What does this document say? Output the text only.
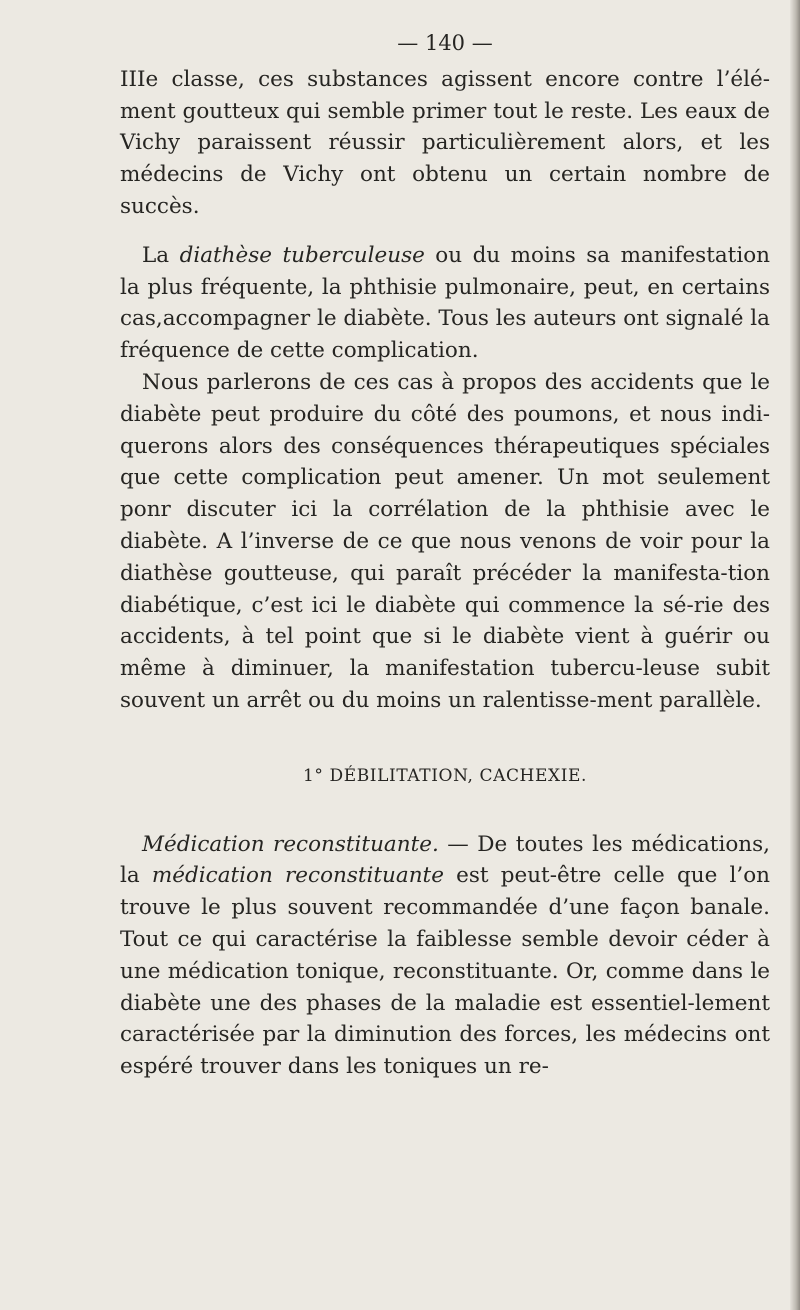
— 140 —

IIIe classe, ces substances agissent encore contre l’élé-ment goutteux qui semble primer tout le reste. Les eaux de Vichy paraissent réussir particulièrement alors, et les médecins de Vichy ont obtenu un certain nombre de succès.

La diathèse tuberculeuse ou du moins sa manifestation la plus fréquente, la phthisie pulmonaire, peut, en certains cas,accompagner le diabète. Tous les auteurs ont signalé la fréquence de cette complication.

Nous parlerons de ces cas à propos des accidents que le diabète peut produire du côté des poumons, et nous indi-querons alors des conséquences thérapeutiques spéciales que cette complication peut amener. Un mot seulement ponr discuter ici la corrélation de la phthisie avec le diabète. A l’inverse de ce que nous venons de voir pour la diathèse goutteuse, qui paraît précéder la manifesta-tion diabétique, c’est ici le diabète qui commence la sé-rie des accidents, à tel point que si le diabète vient à guérir ou même à diminuer, la manifestation tubercu-leuse subit souvent un arrêt ou du moins un ralentisse-ment parallèle.

1° DÉBILITATION, CACHEXIE.

Médication reconstituante. — De toutes les médications, la médication reconstituante est peut-être celle que l’on trouve le plus souvent recommandée d’une façon banale. Tout ce qui caractérise la faiblesse semble devoir céder à une médication tonique, reconstituante. Or, comme dans le diabète une des phases de la maladie est essentiel-lement caractérisée par la diminution des forces, les médecins ont espéré trouver dans les toniques un re-
